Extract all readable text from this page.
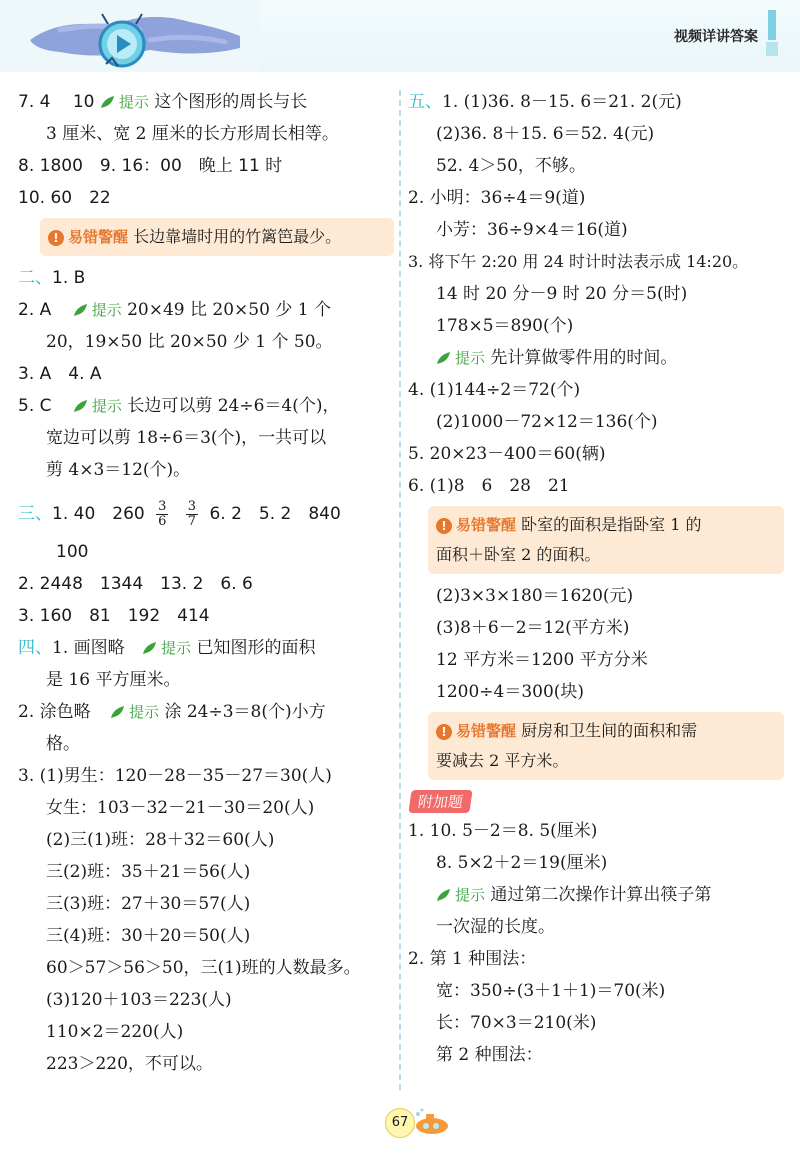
视频详讲答案
7. 4　 10 提示 这个图形的周长与长
3 厘米、宽 2 厘米的长方形周长相等。
8. 1800　9. 16：00　晚上 11 时
10. 60　22
! 易错警醒 长边靠墙时用的竹篱笆最少。
二、1. B
2. A	提示 20×49 比 20×50 少 1 个
20，19×50 比 20×50 少 1 个 50。
3. A　4. A
5. C	提示 长边可以剪 24÷6＝4(个)，
宽边可以剪 18÷6＝3(个)，一共可以
剪 4×3＝12(个)。
三、1. 40　$260 \frac{3}{6}$
$\frac{3}{7} 6$. 2　5. 2　840
100
2. 2448　1344　13. 2　6. 6
3. 160　81　192　414
四、1. 画图略 提示 已知图形的面积
是 16 平方厘米。
2. 涂色略	提示 涂 24÷3＝8(个)小方
格。
3. (1)男生：120－28－35－27＝30(人)
女生：103－32－21－30＝20(人)
(2)三(1)班：28＋32＝60(人)
三(2)班：35＋21＝56(人)
三(3)班：27＋30＝57(人)
三(4)班：30＋20＝50(人)
60＞57＞56＞50，三(1)班的人数最多。
(3)120＋103＝223(人)
110×2＝220(人)
223＞220，不可以。
五、1. (1)36. 8－15. 6＝21. 2(元)
(2)36. 8＋15. 6＝52. 4(元)
52. 4＞50，不够。
2. 小明：36÷4＝9(道)
小芳：36÷9×4＝16(道)
3. 将下午 2:20 用 24 时计时法表示成 14:20。
14 时 20 分－9 时 20 分＝5(时)
178×5＝890(个)
提示 先计算做零件用的时间。
4. (1)144÷2＝72(个)
(2)1000－72×12＝136(个)
5. 20×23－400＝60(辆)
6. (1)8　6　28　21
! 易错警醒 卧室的面积是指卧室 1 的
面积＋卧室 2 的面积。
(2)3×3×180＝1620(元)
(3)8＋6－2＝12(平方米)
12 平方米＝1200 平方分米
1200÷4＝300(块)
! 易错警醒 厨房和卫生间的面积和需
要减去 2 平方米。
附加题
1. 10. 5－2＝8. 5(厘米)
8. 5×2＋2＝19(厘米)
提示 通过第二次操作计算出筷子第
一次湿的长度。
2. 第 1 种围法：
宽：350÷(3＋1＋1)＝70(米)
长：70×3＝210(米)
第 2 种围法：
67
